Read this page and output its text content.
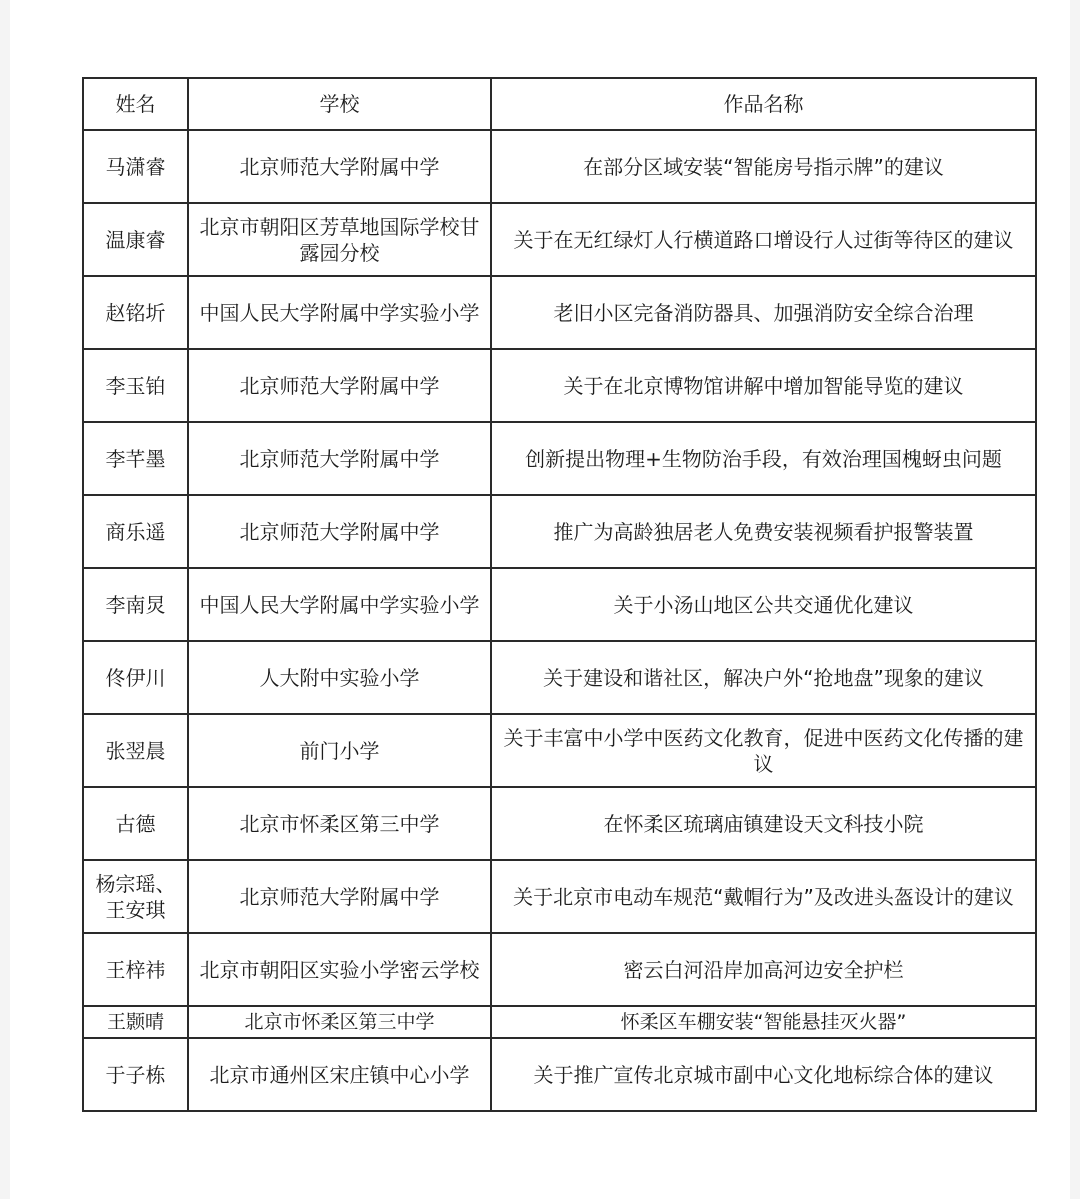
姓名	学校	作品名称
马潇睿	北京师范大学附属中学	在部分区域安装“智能房号指示牌”的建议
温康睿	北京市朝阳区芳草地国际学校甘露园分校	关于在无红绿灯人行横道路口增设行人过街等待区的建议
赵铭圻	中国人民大学附属中学实验小学	老旧小区完备消防器具、加强消防安全综合治理
李玉铂	北京师范大学附属中学	关于在北京博物馆讲解中增加智能导览的建议
李芊墨	北京师范大学附属中学	创新提出物理+生物防治手段，有效治理国槐蚜虫问题
商乐遥	北京师范大学附属中学	推广为高龄独居老人免费安装视频看护报警装置
李南炅	中国人民大学附属中学实验小学	关于小汤山地区公共交通优化建议
佟伊川	人大附中实验小学	关于建设和谐社区，解决户外“抢地盘”现象的建议
张翌晨	前门小学	关于丰富中小学中医药文化教育，促进中医药文化传播的建议
古德	北京市怀柔区第三中学	在怀柔区琉璃庙镇建设天文科技小院
杨宗瑶、王安琪	北京师范大学附属中学	关于北京市电动车规范“戴帽行为”及改进头盔设计的建议
王梓祎	北京市朝阳区实验小学密云学校	密云白河沿岸加高河边安全护栏
王颢晴	北京市怀柔区第三中学	怀柔区车棚安装“智能悬挂灭火器”
于子栋	北京市通州区宋庄镇中心小学	关于推广宣传北京城市副中心文化地标综合体的建议
